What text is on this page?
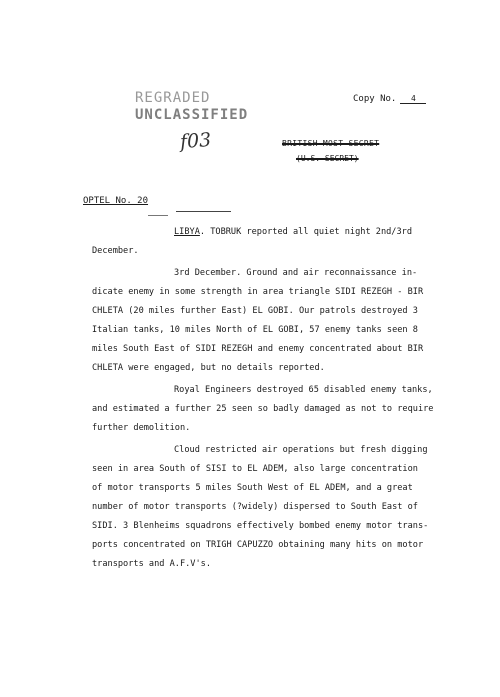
REGRADED
UNCLASSIFIED
f03
Copy No. 4
BRITISH MOST SECRET
(U.S. SECRET)
OPTEL No. 20

LIBYA. TOBRUK reported all quiet night 2nd/3rd
December.

3rd December. Ground and air reconnaissance in-
dicate enemy in some strength in area triangle SIDI REZEGH - BIR
CHLETA (20 miles further East) EL GOBI. Our patrols destroyed 3
Italian tanks, 10 miles North of EL GOBI, 57 enemy tanks seen 8
miles South East of SIDI REZEGH and enemy concentrated about BIR
CHLETA were engaged, but no details reported.

Royal Engineers destroyed 65 disabled enemy tanks,
and estimated a further 25 seen so badly damaged as not to require
further demolition.

Cloud restricted air operations but fresh digging
seen in area South of SISI to EL ADEM, also large concentration
of motor transports 5 miles South West of EL ADEM, and a great
number of motor transports (?widely) dispersed to South East of
SIDI. 3 Blenheims squadrons effectively bombed enemy motor trans-
ports concentrated on TRIGH CAPUZZO obtaining many hits on motor
transports and A.F.V's.
